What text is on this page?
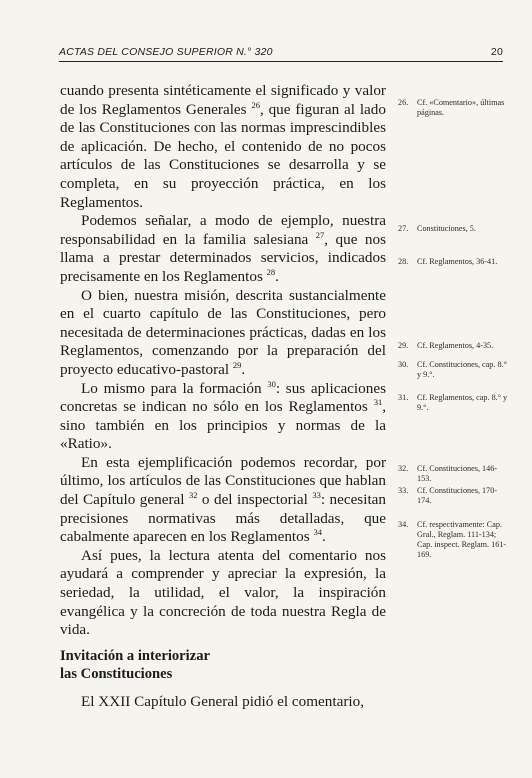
ACTAS DEL CONSEJO SUPERIOR N.° 320	20

cuando presenta sintéticamente el significado y valor de los Reglamentos Generales $^{26}$, que figuran al lado de las Constituciones con las normas imprescindibles de aplicación. De hecho, el contenido de no pocos artículos de las Constituciones se desarrolla y se completa, en su proyección práctica, en los Reglamentos.

Podemos señalar, a modo de ejemplo, nuestra responsabilidad en la familia salesiana $^{27}$, que nos llama a prestar determinados servicios, indicados precisamente en los Reglamentos $^{28}$.

O bien, nuestra misión, descrita sustancialmente en el cuarto capítulo de las Constituciones, pero necesitada de determinaciones prácticas, dadas en los Reglamentos, comenzando por la preparación del proyecto educativo-pastoral $^{29}$.

Lo mismo para la formación $^{30}$: sus aplicaciones concretas se indican no sólo en los Reglamentos $^{31}$, sino también en los principios y normas de la «Ratio».

En esta ejemplificación podemos recordar, por último, los artículos de las Constituciones que hablan del Capítulo general $^{32}$ o del inspectorial $^{33}$: necesitan precisiones normativas más detalladas, que cabalmente aparecen en los Reglamentos $^{34}$.

Así pues, la lectura atenta del comentario nos ayudará a comprender y apreciar la expresión, la seriedad, la utilidad, el valor, la inspiración evangélica y la concreción de toda nuestra Regla de vida.

Invitación a interiorizar
las Constituciones
El XXII Capítulo General pidió el comentario,
26.	Cf. «Comentario», últimas páginas.
27.	Constituciones, 5.
28.	Cf. Reglamentos, 36-41.
29.	Cf. Reglamentos, 4-35.
30.	Cf. Constituciones, cap. 8.° y 9.°.
31.	Cf. Reglamentos, cap. 8.° y 9.°.
32.	Cf. Constituciones, 146-153.
33.	Cf. Constituciones, 170-174.
34.	Cf. respectivamente: Cap. Gral., Reglam. 111-134; Cap. inspect. Reglam. 161-169.
